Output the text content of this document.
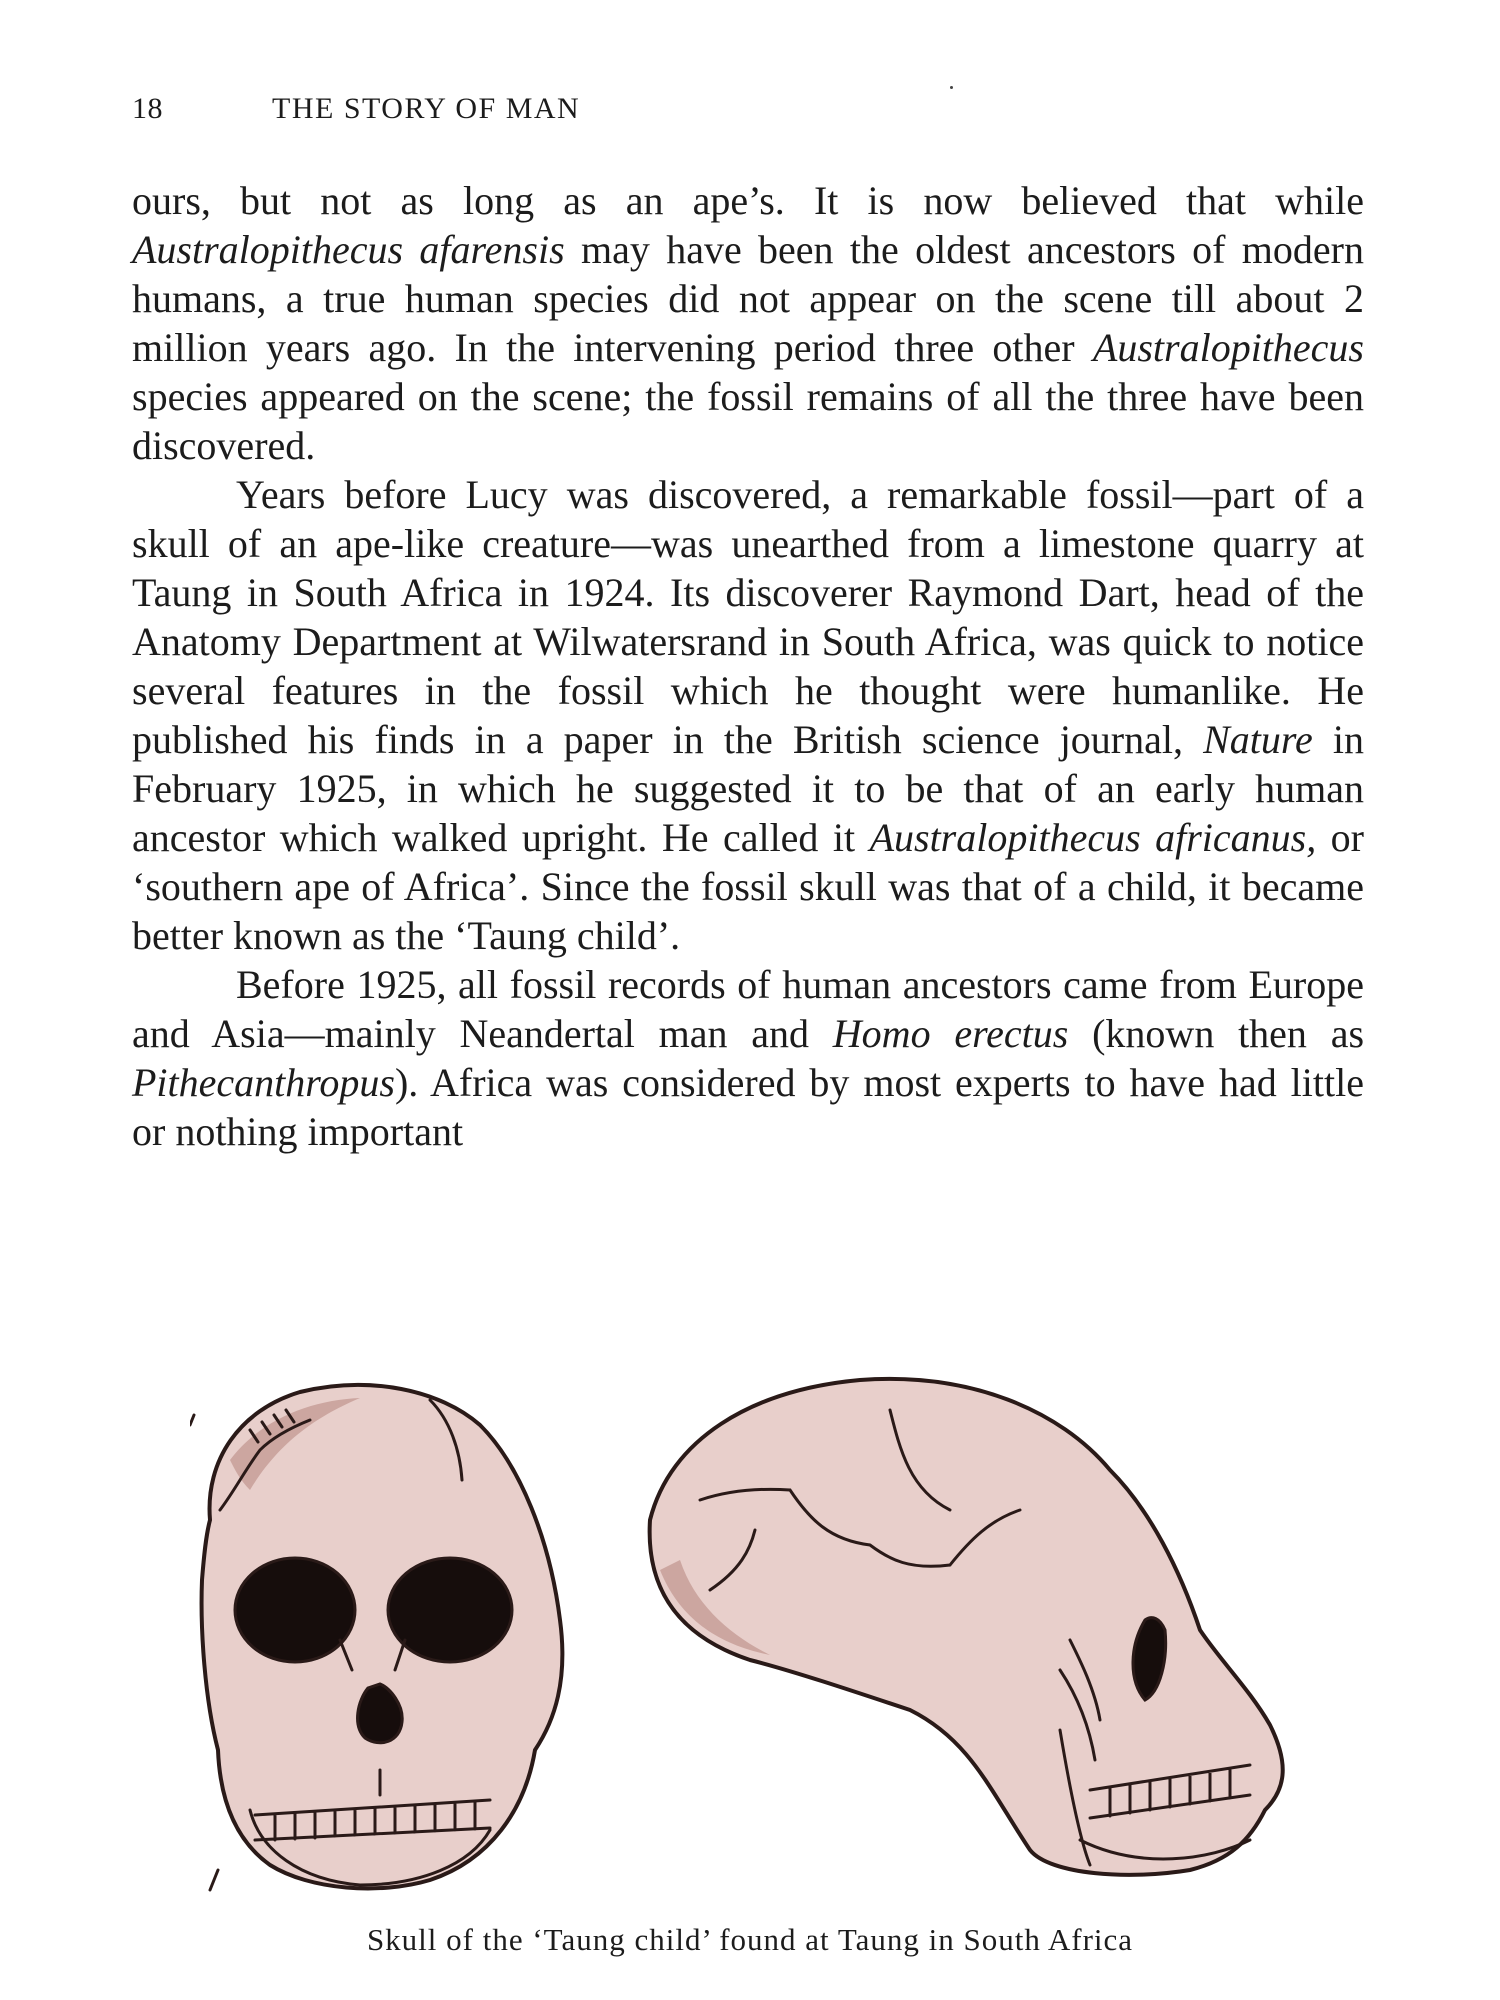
18	THE STORY OF MAN

ours, but not as long as an ape’s. It is now believed that while Australopithecus afarensis may have been the oldest ancestors of modern humans, a true human species did not appear on the scene till about 2 million years ago. In the intervening period three other Australopithecus species appeared on the scene; the fossil remains of all the three have been discovered.

Years before Lucy was discovered, a remarkable fossil—part of a skull of an ape-like creature—was unearthed from a limestone quarry at Taung in South Africa in 1924. Its discoverer Raymond Dart, head of the Anatomy Department at Wilwatersrand in South Africa, was quick to notice several features in the fossil which he thought were humanlike. He published his finds in a paper in the British science journal, Nature in February 1925, in which he suggested it to be that of an early human ancestor which walked upright. He called it Australopithecus africanus, or ‘southern ape of Africa’. Since the fossil skull was that of a child, it became better known as the ‘Taung child’.

Before 1925, all fossil records of human ancestors came from Europe and Asia—mainly Neandertal man and Homo erectus (known then as Pithecanthropus). Africa was considered by most experts to have had little or nothing important

Skull of the ‘Taung child’ found at Taung in South Africa
